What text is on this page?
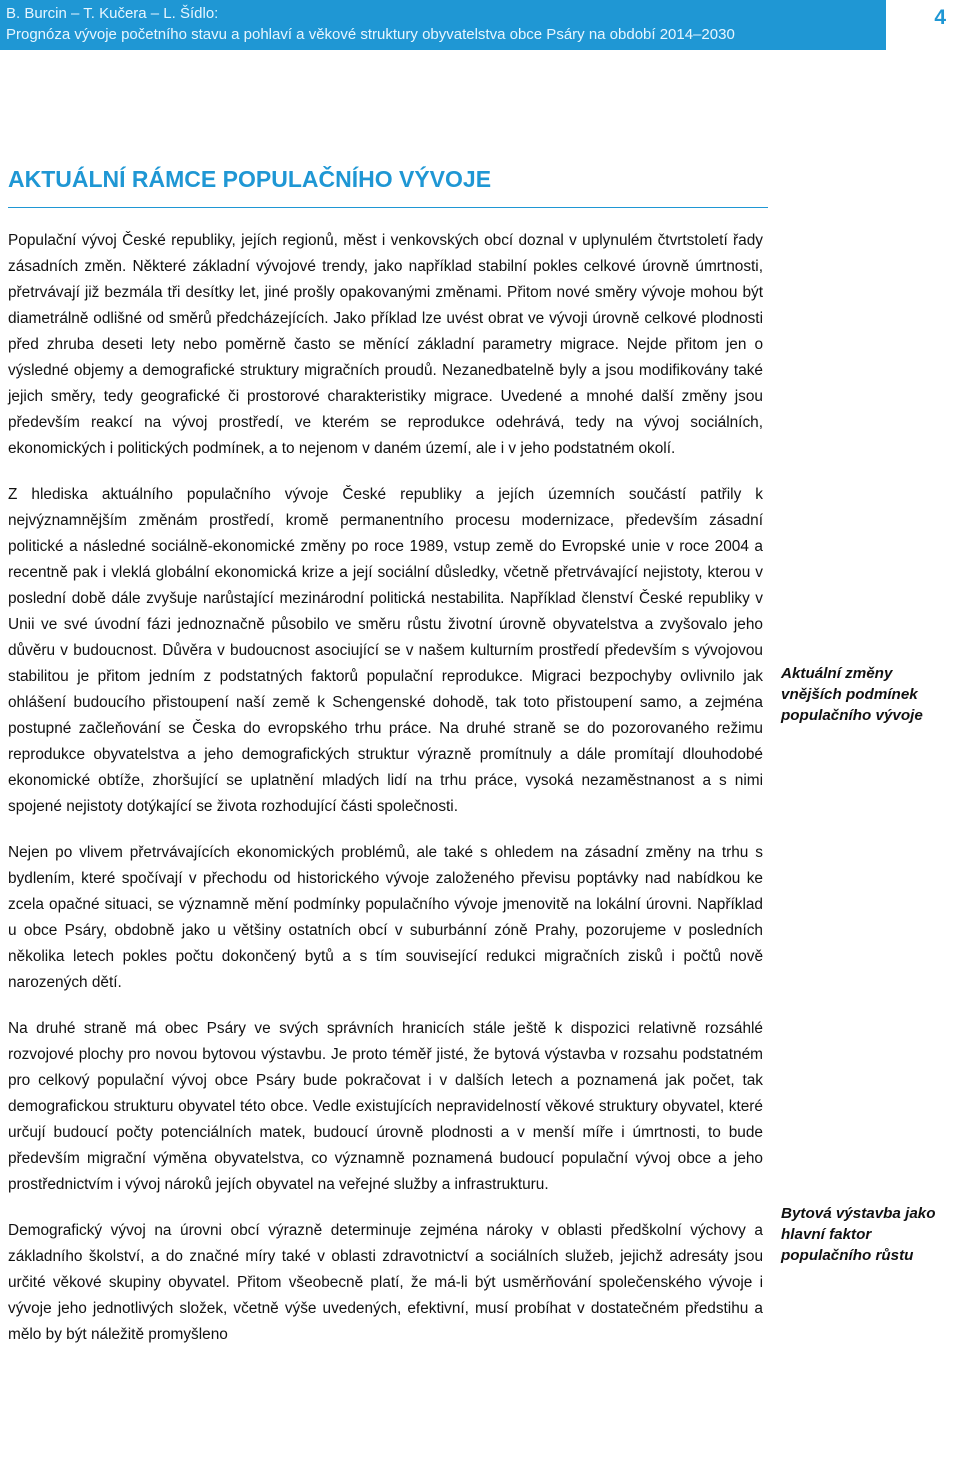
B. Burcin – T. Kučera – L. Šídlo:
Prognóza vývoje početního stavu a pohlaví a věkové struktury obyvatelstva obce Psáry na období 2014–2030
4
AKTUÁLNÍ RÁMCE POPULAČNÍHO VÝVOJE

Populační vývoj České republiky, jejích regionů, měst i venkovských obcí doznal v uplynulém čtvrtstoletí řady zásadních změn. Některé základní vývojové trendy, jako například stabilní pokles celkové úrovně úmrtnosti, přetrvávají již bezmála tři desítky let, jiné prošly opakovanými změnami. Přitom nové směry vývoje mohou být diametrálně odlišné od směrů předcházejících. Jako příklad lze uvést obrat ve vývoji úrovně celkové plodnosti před zhruba deseti lety nebo poměrně často se měnící základní parametry migrace. Nejde přitom jen o výsledné objemy a demografické struktury migračních proudů. Nezanedbatelně byly a jsou modifikovány také jejich směry, tedy geografické či prostorové charakteristiky migrace. Uvedené a mnohé další změny jsou především reakcí na vývoj prostředí, ve kterém se reprodukce odehrává, tedy na vývoj sociálních, ekonomických i politických podmínek, a to nejenom v daném území, ale i v jeho podstatném okolí.

Z hlediska aktuálního populačního vývoje České republiky a jejích územních součástí patřily k nejvýznamnějším změnám prostředí, kromě permanentního procesu modernizace, především zásadní politické a následné sociálně-ekonomické změny po roce 1989, vstup země do Evropské unie v roce 2004 a recentně pak i vleklá globální ekonomická krize a její sociální důsledky, včetně přetrvávající nejistoty, kterou v poslední době dále zvyšuje narůstající mezinárodní politická nestabilita. Například členství České republiky v Unii ve své úvodní fázi jednoznačně působilo ve směru růstu životní úrovně obyvatelstva a zvyšovalo jeho důvěru v budoucnost. Důvěra v budoucnost asociující se v našem kulturním prostředí především s vývojovou stabilitou je přitom jedním z podstatných faktorů populační reprodukce. Migraci bezpochyby ovlivnilo jak ohlášení budoucího přistoupení naší země k Schengenské dohodě, tak toto přistoupení samo, a zejména postupné začleňování se Česka do evropského trhu práce. Na druhé straně se do pozorovaného režimu reprodukce obyvatelstva a jeho demografických struktur výrazně promítnuly a dále promítají dlouhodobé ekonomické obtíže, zhoršující se uplatnění mladých lidí na trhu práce, vysoká nezaměstnanost a s nimi spojené nejistoty dotýkající se života rozhodující části společnosti.

Nejen po vlivem přetrvávajících ekonomických problémů, ale také s ohledem na zásadní změny na trhu s bydlením, které spočívají v přechodu od historického vývoje založeného převisu poptávky nad nabídkou ke zcela opačné situaci, se významně mění podmínky populačního vývoje jmenovitě na lokální úrovni. Například u obce Psáry, obdobně jako u většiny ostatních obcí v suburbánní zóně Prahy, pozorujeme v posledních několika letech pokles počtu dokončený bytů a s tím související redukci migračních zisků i počtů nově narozených dětí.

Na druhé straně má obec Psáry ve svých správních hranicích stále ještě k dispozici relativně rozsáhlé rozvojové plochy pro novou bytovou výstavbu. Je proto téměř jisté, že bytová výstavba v rozsahu podstatném pro celkový populační vývoj obce Psáry bude pokračovat i v dalších letech a poznamená jak počet, tak demografickou strukturu obyvatel této obce. Vedle existujících nepravidelností věkové struktury obyvatel, které určují budoucí počty potenciálních matek, budoucí úrovně plodnosti a v menší míře i úmrtnosti, to bude především migrační výměna obyvatelstva, co významně poznamená budoucí populační vývoj obce a jeho prostřednictvím i vývoj nároků jejích obyvatel na veřejné služby a infrastrukturu.

Demografický vývoj na úrovni obcí výrazně determinuje zejména nároky v oblasti předškolní výchovy a základního školství, a do značné míry také v oblasti zdravotnictví a sociálních služeb, jejichž adresáty jsou určité věkové skupiny obyvatel. Přitom všeobecně platí, že má-li být usměrňování společenského vývoje i vývoje jeho jednotlivých složek, včetně výše uvedených, efektivní, musí probíhat v dostatečném předstihu a mělo by být náležitě promyšleno

Aktuální změny vnějších podmínek populačního vývoje
Bytová výstavba jako hlavní faktor populačního růstu
